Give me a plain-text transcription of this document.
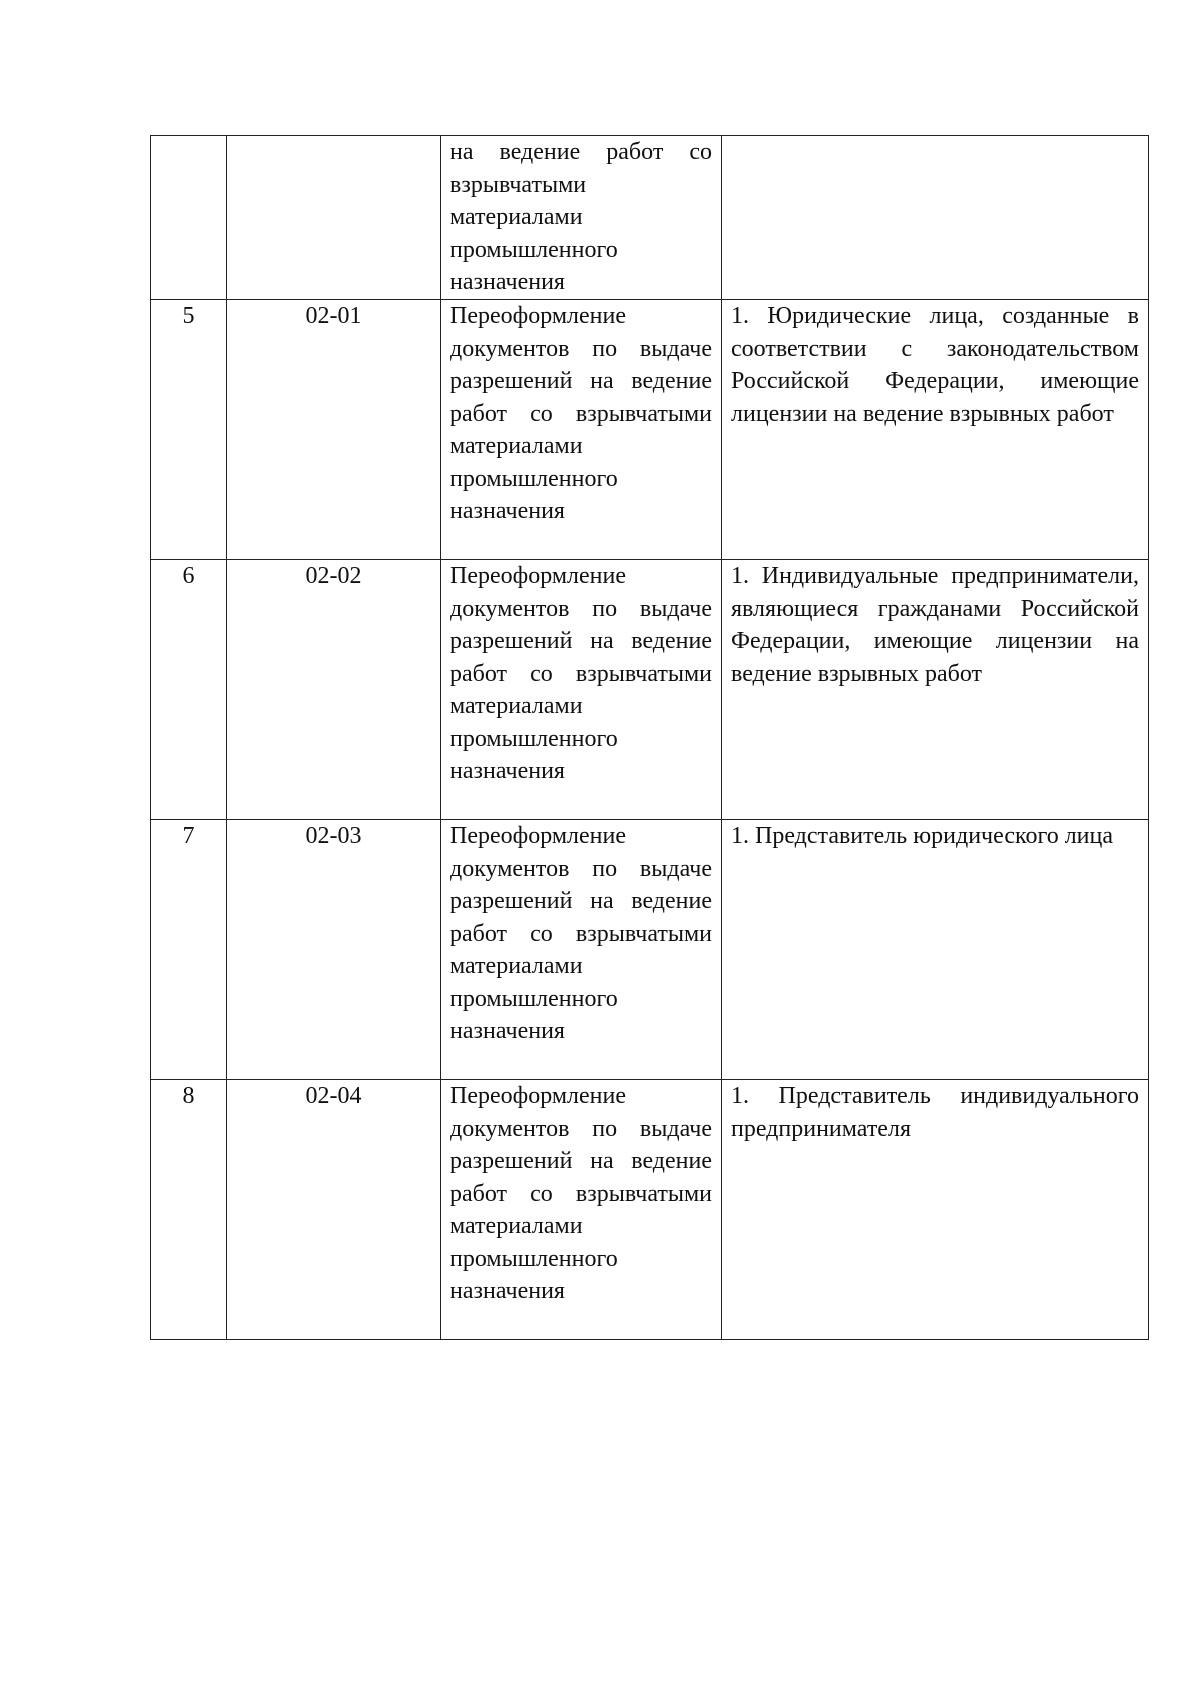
		на ведение работ со взрывчатыми материалами промышленного назначения	

5	02-01	Переоформление документов по выдаче разрешений на ведение работ со взрывчатыми материалами промышленного назначения	1. Юридические лица, созданные в соответствии с законодательством Российской Федерации, имеющие лицензии на ведение взрывных работ

6	02-02	Переоформление документов по выдаче разрешений на ведение работ со взрывчатыми материалами промышленного назначения	1. Индивидуальные предприниматели, являющиеся гражданами Российской Федерации, имеющие лицензии на ведение взрывных работ

7	02-03	Переоформление документов по выдаче разрешений на ведение работ со взрывчатыми материалами промышленного назначения	1. Представитель юридического лица

8	02-04	Переоформление документов по выдаче разрешений на ведение работ со взрывчатыми материалами промышленного назначения	1. Представитель индивидуального предпринимателя
